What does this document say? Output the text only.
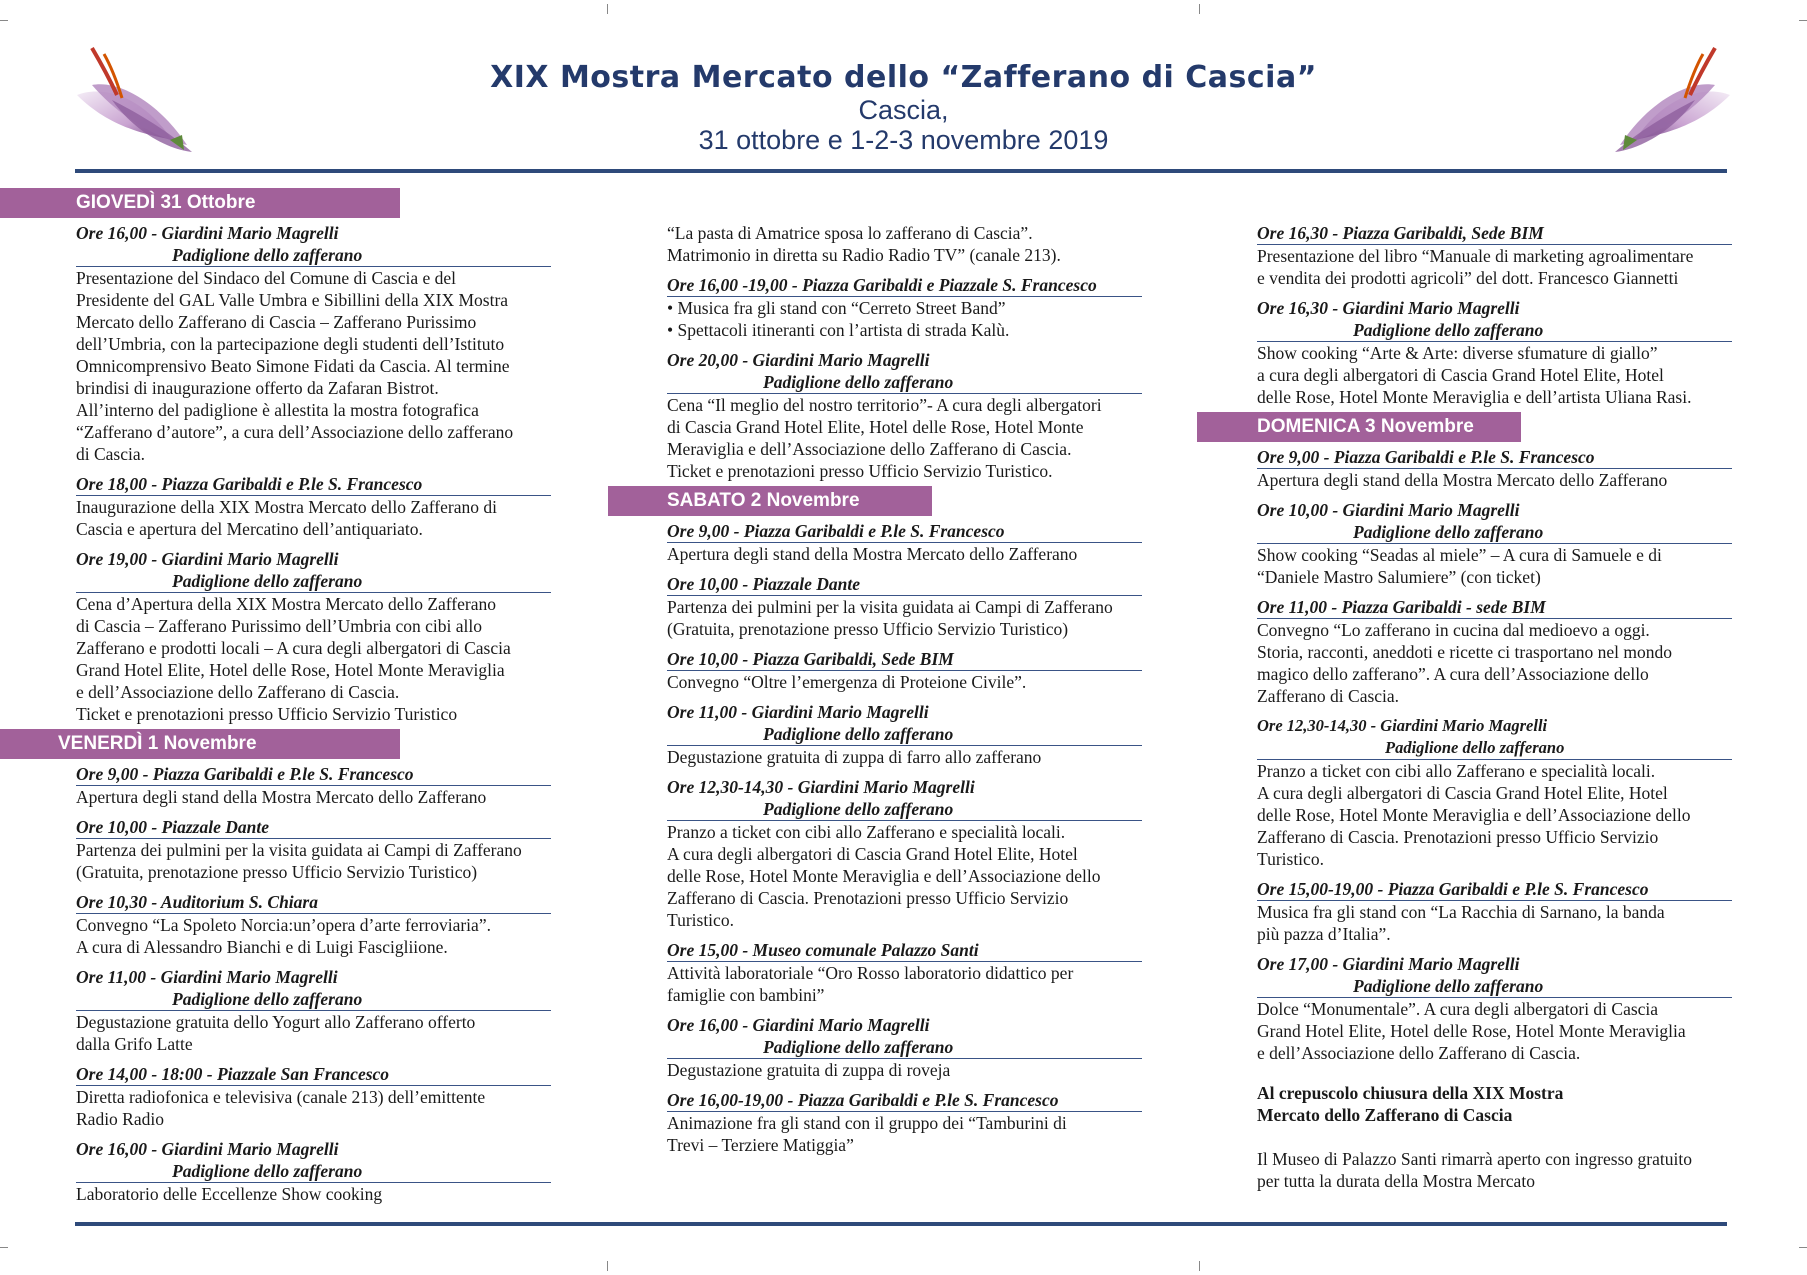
XIX Mostra Mercato dello “Zafferano di Cascia”
Cascia,
31 ottobre e 1-2-3 novembre 2019
GIOVEDÌ 31 Ottobre
Ore 16,00 - Giardini Mario Magrelli
Padiglione dello zafferano
Presentazione del Sindaco del Comune di Cascia e del
Presidente del GAL Valle Umbra e Sibillini della XIX Mostra
Mercato dello Zafferano di Cascia – Zafferano Purissimo
dell’Umbria, con la partecipazione degli studenti dell’Istituto
Omnicomprensivo Beato Simone Fidati da Cascia. Al termine
brindisi di inaugurazione offerto da Zafaran Bistrot.
All’interno del padiglione è allestita la mostra fotografica
“Zafferano d’autore”, a cura dell’Associazione dello zafferano
di Cascia.
Ore 18,00 - Piazza Garibaldi e P.le S. Francesco
Inaugurazione della XIX Mostra Mercato dello Zafferano di
Cascia e apertura del Mercatino dell’antiquariato.
Ore 19,00 - Giardini Mario Magrelli
Padiglione dello zafferano
Cena d’Apertura della XIX Mostra Mercato dello Zafferano
di Cascia – Zafferano Purissimo dell’Umbria con cibi allo
Zafferano e prodotti locali – A cura degli albergatori di Cascia
Grand Hotel Elite, Hotel delle Rose, Hotel Monte Meraviglia
e dell’Associazione dello Zafferano di Cascia.
Ticket e prenotazioni presso Ufficio Servizio Turistico
VENERDÌ 1 Novembre
Ore 9,00 - Piazza Garibaldi e P.le S. Francesco
Apertura degli stand della Mostra Mercato dello Zafferano
Ore 10,00 - Piazzale Dante
Partenza dei pulmini per la visita guidata ai Campi di Zafferano
(Gratuita, prenotazione presso Ufficio Servizio Turistico)
Ore 10,30 - Auditorium S. Chiara
Convegno “La Spoleto Norcia:un’opera d’arte ferroviaria”.
A cura di Alessandro Bianchi e di Luigi Fascigliione.
Ore 11,00 - Giardini Mario Magrelli
Padiglione dello zafferano
Degustazione gratuita dello Yogurt allo Zafferano offerto
dalla Grifo Latte
Ore 14,00 - 18:00 - Piazzale San Francesco
Diretta radiofonica e televisiva (canale 213) dell’emittente
Radio Radio
Ore 16,00 - Giardini Mario Magrelli
Padiglione dello zafferano
Laboratorio delle Eccellenze Show cooking
“La pasta di Amatrice sposa lo zafferano di Cascia”.
Matrimonio in diretta su Radio Radio TV” (canale 213).
Ore 16,00 -19,00 - Piazza Garibaldi e Piazzale S. Francesco
• Musica fra gli stand con “Cerreto Street Band”
• Spettacoli itineranti con l’artista di strada Kalù.
Ore 20,00 - Giardini Mario Magrelli
Padiglione dello zafferano
Cena “Il meglio del nostro territorio”- A cura degli albergatori
di Cascia Grand Hotel Elite, Hotel delle Rose, Hotel Monte
Meraviglia e dell’Associazione dello Zafferano di Cascia.
Ticket e prenotazioni presso Ufficio Servizio Turistico.
SABATO 2 Novembre
Ore 9,00 - Piazza Garibaldi e P.le S. Francesco
Apertura degli stand della Mostra Mercato dello Zafferano
Ore 10,00 - Piazzale Dante
Partenza dei pulmini per la visita guidata ai Campi di Zafferano
(Gratuita, prenotazione presso Ufficio Servizio Turistico)
Ore 10,00 - Piazza Garibaldi, Sede BIM
Convegno “Oltre l’emergenza di Proteione Civile”.
Ore 11,00 - Giardini Mario Magrelli
Padiglione dello zafferano
Degustazione gratuita di zuppa di farro allo zafferano
Ore 12,30-14,30 - Giardini Mario Magrelli
Padiglione dello zafferano
Pranzo a ticket con cibi allo Zafferano e specialità locali.
A cura degli albergatori di Cascia Grand Hotel Elite, Hotel
delle Rose, Hotel Monte Meraviglia e dell’Associazione dello
Zafferano di Cascia. Prenotazioni presso Ufficio Servizio
Turistico.
Ore 15,00 - Museo comunale Palazzo Santi
Attività laboratoriale “Oro Rosso laboratorio didattico per
famiglie con bambini”
Ore 16,00 - Giardini Mario Magrelli
Padiglione dello zafferano
Degustazione gratuita di zuppa di roveja
Ore 16,00-19,00 - Piazza Garibaldi e P.le S. Francesco
Animazione fra gli stand con il gruppo dei “Tamburini di
Trevi – Terziere Matiggia”
Ore 16,30 - Piazza Garibaldi, Sede BIM
Presentazione del libro “Manuale di marketing agroalimentare
e vendita dei prodotti agricoli” del dott. Francesco Giannetti
Ore 16,30 - Giardini Mario Magrelli
Padiglione dello zafferano
Show cooking “Arte & Arte: diverse sfumature di giallo”
a cura degli albergatori di Cascia Grand Hotel Elite, Hotel
delle Rose, Hotel Monte Meraviglia e dell’artista Uliana Rasi.
DOMENICA 3 Novembre
Ore 9,00 - Piazza Garibaldi e P.le S. Francesco
Apertura degli stand della Mostra Mercato dello Zafferano
Ore 10,00 - Giardini Mario Magrelli
Padiglione dello zafferano
Show cooking “Seadas al miele” – A cura di Samuele e di
“Daniele Mastro Salumiere” (con ticket)
Ore 11,00 - Piazza Garibaldi - sede BIM
Convegno “Lo zafferano in cucina dal medioevo a oggi.
Storia, racconti, aneddoti e ricette ci trasportano nel mondo
magico dello zafferano”. A cura dell’Associazione dello
Zafferano di Cascia.
Ore 12,30-14,30 - Giardini Mario Magrelli
Padiglione dello zafferano
Pranzo a ticket con cibi allo Zafferano e specialità locali.
A cura degli albergatori di Cascia Grand Hotel Elite, Hotel
delle Rose, Hotel Monte Meraviglia e dell’Associazione dello
Zafferano di Cascia. Prenotazioni presso Ufficio Servizio
Turistico.
Ore 15,00-19,00 - Piazza Garibaldi e P.le S. Francesco
Musica fra gli stand con “La Racchia di Sarnano, la banda
più pazza d’Italia”.
Ore 17,00 - Giardini Mario Magrelli
Padiglione dello zafferano
Dolce “Monumentale”. A cura degli albergatori di Cascia
Grand Hotel Elite, Hotel delle Rose, Hotel Monte Meraviglia
e dell’Associazione dello Zafferano di Cascia.
Al crepuscolo chiusura della XIX Mostra
Mercato dello Zafferano di Cascia
Il Museo di Palazzo Santi rimarrà aperto con ingresso gratuito
per tutta la durata della Mostra Mercato
